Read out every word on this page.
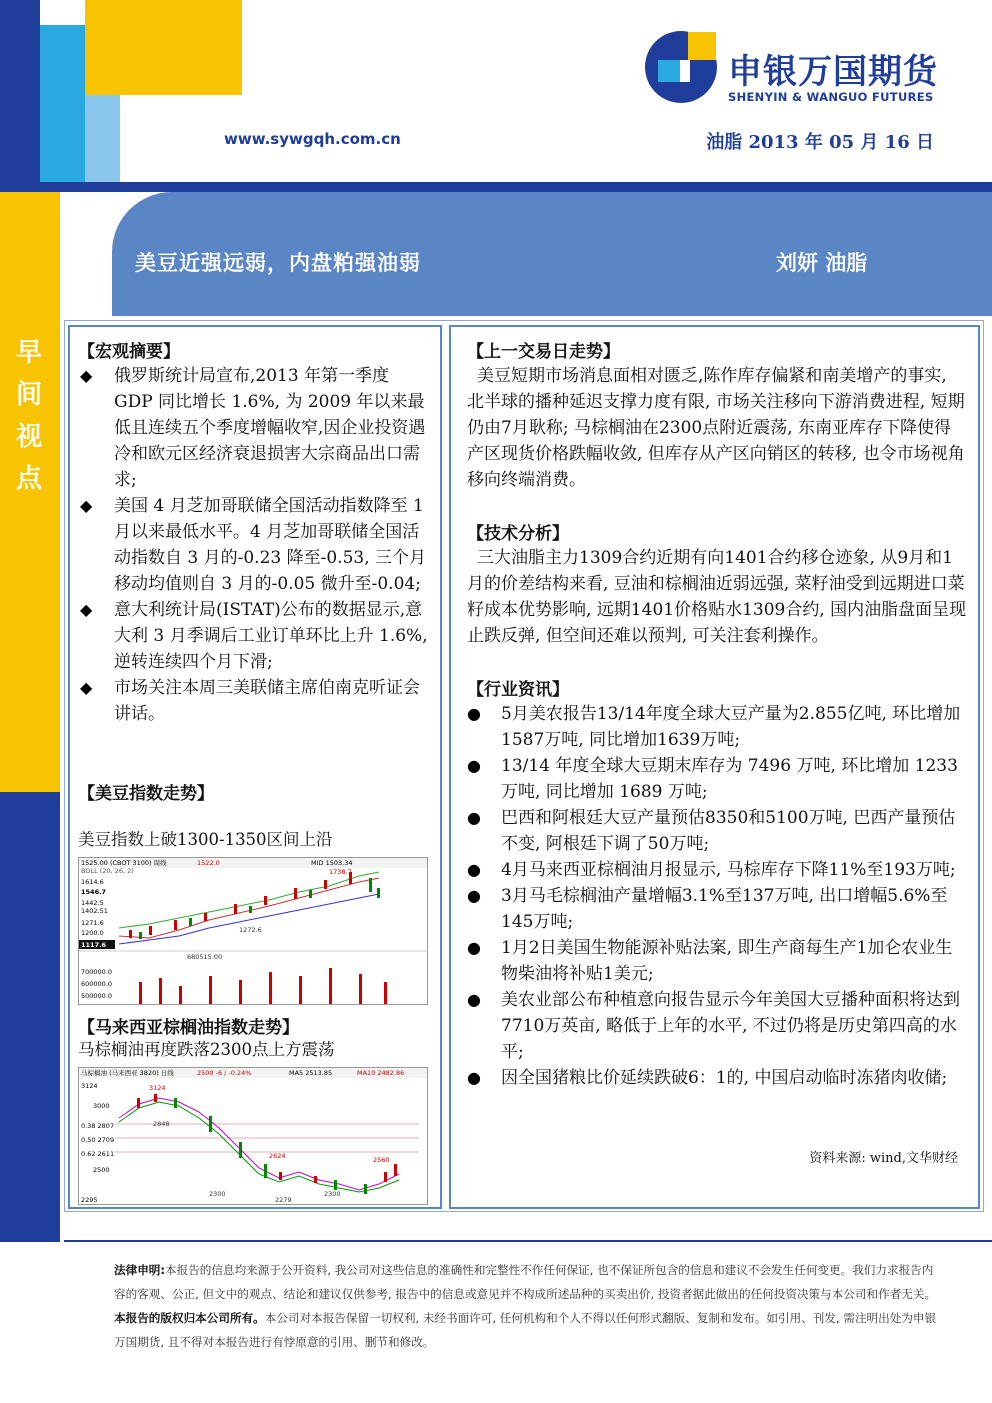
www.sywgqh.com.cn	油脂 2013 年 05 月 16 日
申银万国期货
SHENYIN & WANGUO FUTURES
早间视点
美豆近强远弱，内盘粕强油弱	刘妍 油脂
【宏观摘要】
◆ 俄罗斯统计局宣布,2013 年第一季度 GDP 同比增长 1.6%, 为 2009 年以来最低且连续五个季度增幅收窄,因企业投资遇冷和欧元区经济衰退损害大宗商品出口需求;
◆ 美国 4 月芝加哥联储全国活动指数降至 1 月以来最低水平。4 月芝加哥联储全国活动指数自 3 月的-0.23 降至-0.53, 三个月移动均值则自 3 月的-0.05 微升至-0.04;
◆ 意大利统计局(ISTAT)公布的数据显示,意大利 3 月季调后工业订单环比上升 1.6%, 逆转连续四个月下滑;
◆ 市场关注本周三美联储主席伯南克听证会讲话。
【美豆指数走势】
美豆指数上破1300-1350区间上沿
1525.00 (CBOT 3100) 周线	1522.0	MID 1503.34
BOLL (20, 26, 2)
1614.6
1546.7
1442.5
1402.51
1271.6
1200.0
1117.6
1738.7
1272.6
680515.00
700000.0
600000.0
500000.0
【马来西亚棕榈油指数走势】
马棕榈油再度跌落2300点上方震荡
马棕榈油 (马来西亚 3820) 日线	2500 -6 / -0.24%	MA5 2513.85	MA10 2482.86
3124
3000
0.38 2807
0.50 2709
0.62 2611
2500
2295
3124
2848
2624	2560
2300
2279
2300
【上一交易日走势】
美豆短期市场消息面相对匮乏,陈作库存偏紧和南美增产的事实, 北半球的播种延迟支撑力度有限, 市场关注移向下游消费进程, 短期仍由7月耿称; 马棕榈油在2300点附近震荡, 东南亚库存下降使得产区现货价格跌幅收敛, 但库存从产区向销区的转移, 也令市场视角移向终端消费。
【技术分析】
三大油脂主力1309合约近期有向1401合约移仓迹象, 从9月和1月的价差结构来看, 豆油和棕榈油近弱远强, 菜籽油受到远期进口菜籽成本优势影响, 远期1401价格贴水1309合约, 国内油脂盘面呈现止跌反弹, 但空间还难以预判, 可关注套利操作。
【行业资讯】
● 5月美农报告13/14年度全球大豆产量为2.855亿吨, 环比增加1587万吨, 同比增加1639万吨;
● 13/14 年度全球大豆期末库存为 7496 万吨, 环比增加 1233 万吨, 同比增加 1689 万吨;
● 巴西和阿根廷大豆产量预估8350和5100万吨, 巴西产量预估不变, 阿根廷下调了50万吨;
● 4月马来西亚棕榈油月报显示, 马棕库存下降11%至193万吨;
● 3月马毛棕榈油产量增幅3.1%至137万吨, 出口增幅5.6%至145万吨;
● 1月2日美国生物能源补贴法案, 即生产商每生产1加仑农业生物柴油将补贴1美元;
● 美农业部公布种植意向报告显示今年美国大豆播种面积将达到7710万英亩, 略低于上年的水平, 不过仍将是历史第四高的水平;
● 因全国猪粮比价延续跌破6：1的, 中国启动临时冻猪肉收储;
资料来源: wind,文华财经

法律申明:本报告的信息均来源于公开资料, 我公司对这些信息的准确性和完整性不作任何保证, 也不保证所包含的信息和建议不会发生任何变更。我们力求报告内容的客观、公正, 但文中的观点、结论和建议仅供参考, 报告中的信息或意见并不构成所述品种的买卖出价, 投资者据此做出的任何投资决策与本公司和作者无关。

本报告的版权归本公司所有。本公司对本报告保留一切权利, 未经书面许可, 任何机构和个人不得以任何形式翻版、复制和发布。如引用、刊发, 需注明出处为申银万国期货, 且不得对本报告进行有悖原意的引用、删节和修改。
